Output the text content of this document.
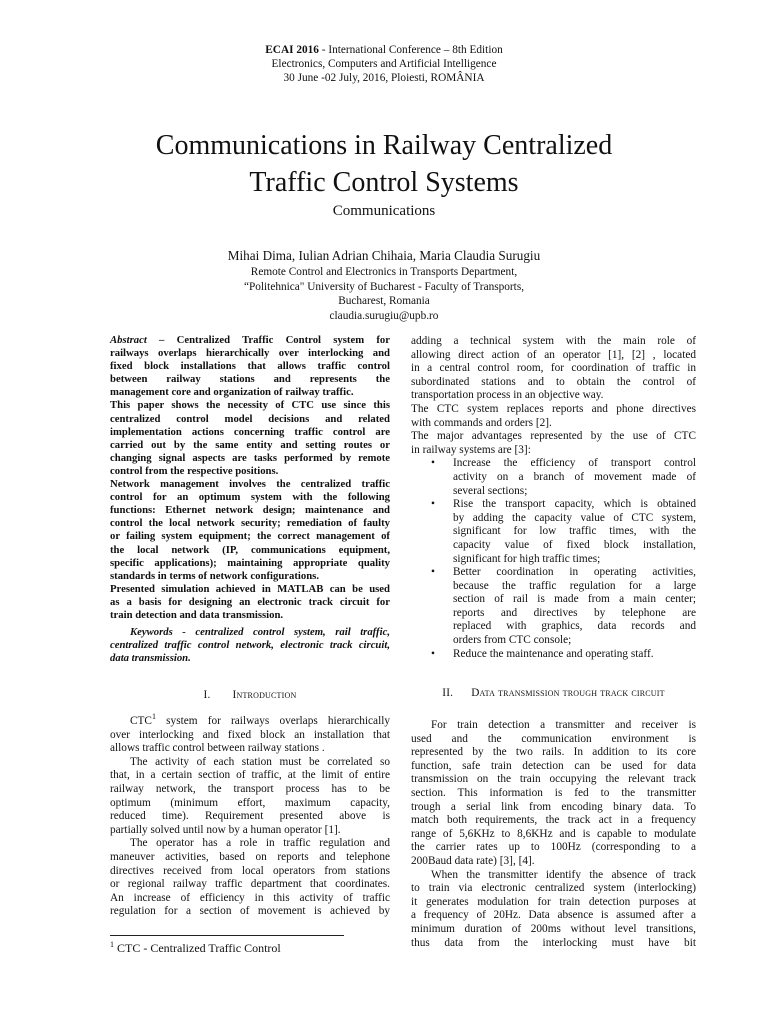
ECAI 2016 - International Conference – 8th Edition
Electronics, Computers and Artificial Intelligence
30 June -02 July, 2016, Ploiesti, ROMÂNIA
Communications in Railway Centralized
Traffic Control Systems
Communications
Mihai Dima, Iulian Adrian Chihaia, Maria Claudia Surugiu
Remote Control and Electronics in Transports Department,
“Politehnica" University of Bucharest - Faculty of Transports,
Bucharest, Romania
claudia.surugiu@upb.ro
Abstract – Centralized Traffic Control system for
railways overlaps hierarchically over interlocking and
fixed block installations that allows traffic control
between railway stations and represents the
management core and organization of railway traffic.
This paper shows the necessity of CTC use since this
centralized control model decisions and related
implementation actions concerning traffic control are
carried out by the same entity and setting routes or
changing signal aspects are tasks performed by remote
control from the respective positions.
Network management involves the centralized traffic
control for an optimum system with the following
functions: Ethernet network design; maintenance and
control the local network security; remediation of faulty
or failing system equipment; the correct management of
the local network (IP, communications equipment,
specific applications); maintaining appropriate quality
standards in terms of network configurations.
Presented simulation achieved in MATLAB can be used
as a basis for designing an electronic track circuit for
train detection and data transmission.
Keywords - centralized control system, rail traffic,
centralized traffic control network, electronic track circuit,
data transmission.
I. Introduction
CTC$^1$ system for railways overlaps hierarchically
over interlocking and fixed block an installation that
allows traffic control between railway stations .
The activity of each station must be correlated so
that, in a certain section of traffic, at the limit of entire
railway network, the transport process has to be
optimum (minimum effort, maximum capacity,
reduced time). Requirement presented above is
partially solved until now by a human operator [1].
The operator has a role in traffic regulation and
maneuver activities, based on reports and telephone
directives received from local operators from stations
or regional railway traffic department that coordinates.
An increase of efficiency in this activity of traffic
regulation for a section of movement is achieved by
$^1$ CTC - Centralized Traffic Control
adding a technical system with the main role of
allowing direct action of an operator [1], [2] , located
in a central control room, for coordination of traffic in
subordinated stations and to obtain the control of
transportation process in an objective way.
The CTC system replaces reports and phone directives
with commands and orders [2].
The major advantages represented by the use of CTC
in railway systems are [3]:
• Increase the efficiency of transport control
activity on a branch of movement made of
several sections;
• Rise the transport capacity, which is obtained
by adding the capacity value of CTC system,
significant for low traffic times, with the
capacity value of fixed block installation,
significant for high traffic times;
• Better coordination in operating activities,
because the traffic regulation for a large
section of rail is made from a main center;
reports and directives by telephone are
replaced with graphics, data records and
orders from CTC console;
• Reduce the maintenance and operating staff.
II. Data transmission trough track circuit
For train detection a transmitter and receiver is
used and the communication environment is
represented by the two rails. In addition to its core
function, safe train detection can be used for data
transmission on the train occupying the relevant track
section. This information is fed to the transmitter
trough a serial link from encoding binary data. To
match both requirements, the track act in a frequency
range of 5,6KHz to 8,6KHz and is capable to modulate
the carrier rates up to 100Hz (corresponding to a
200Baud data rate) [3], [4].
When the transmitter identify the absence of track
to train via electronic centralized system (interlocking)
it generates modulation for train detection purposes at
a frequency of 20Hz. Data absence is assumed after a
minimum duration of 200ms without level transitions,
thus data from the interlocking must have bit
